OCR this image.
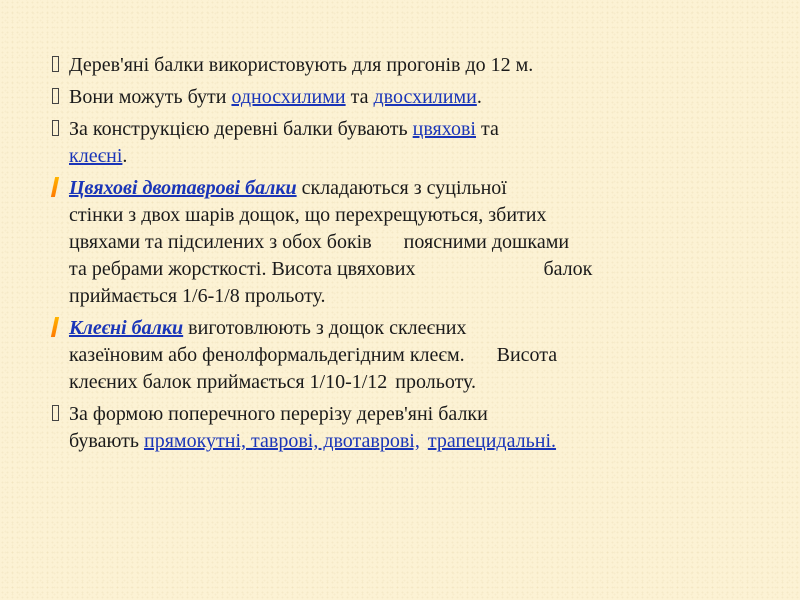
Дерев'яні балки використовують для прогонів до 12 м.
Вони можуть бути односхилими та двосхилими.
За конструкцією деревні балки бувають цвяхові та
клеєні.
Цвяхові двотаврові балки складаються з суцільної
стінки з двох шарів дощок, що перехрещуються, збитих
цвяхами та підсилених з обох боків поясними дошками
та ребрами жорсткості. Висота цвяхових	балок
приймається 1/6-1/8 прольоту.
Клеєні балки виготовлюють з дощок склеєних
казеїновим або фенолформальдегідним клеєм. Висота
клеєних балок приймається 1/10-1/12 прольоту.
За формою поперечного перерізу дерев'яні балки
бувають прямокутні, таврові, двотаврові, трапецидальні.
